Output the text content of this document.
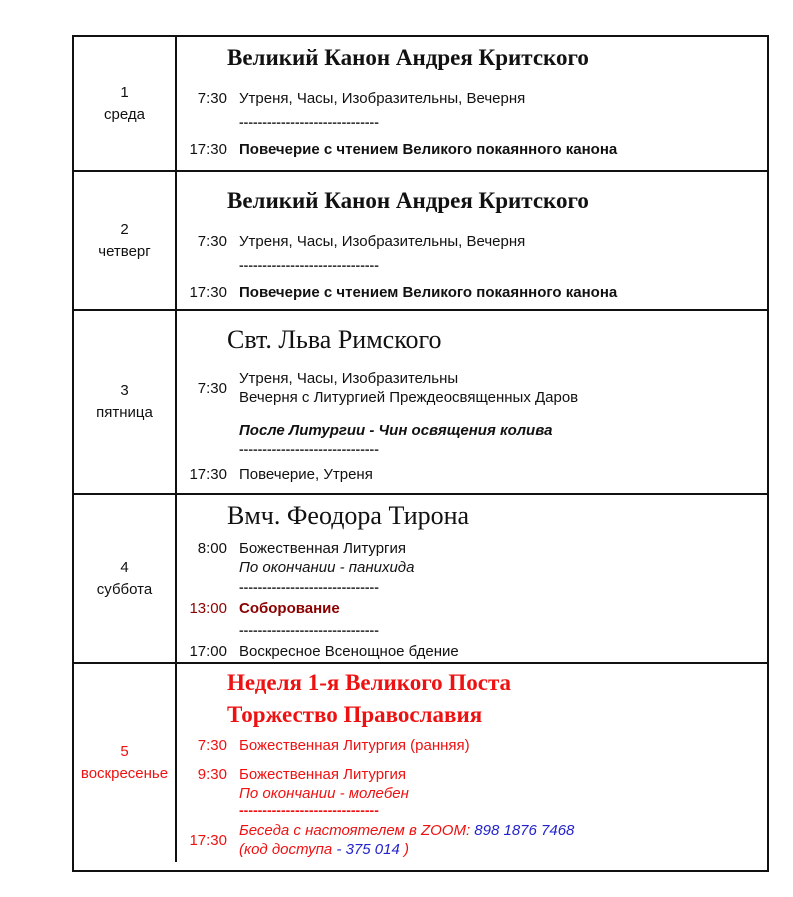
1
среда
Великий Канон Андрея Критского
7:30 Утреня, Часы, Изобразительны, Вечерня
------------------------------
17:30 Повечерие с чтением Великого покаянного канона
2
четверг
Великий Канон Андрея Критского
7:30 Утреня, Часы, Изобразительны, Вечерня
------------------------------
17:30 Повечерие с чтением Великого покаянного канона
3
пятница
Свт. Льва Римского
7:30
Утреня, Часы, Изобразительны
Вечерня с Литургией Преждеосвященных Даров
После Литургии - Чин освящения колива
------------------------------
17:30 Повечерие, Утреня
4
суббота
Вмч. Феодора Тирона
8:00 Божественная Литургия
По окончании - панихида
------------------------------
13:00 Соборование
------------------------------
17:00 Воскресное Всенощное бдение
5
воскресенье
Неделя 1-я Великого Поста
Торжество Православия
7:30 Божественная Литургия (ранняя)
9:30 Божественная Литургия
По окончании - молебен
------------------------------
17:30
Беседа с настоятелем в ZOOM: 898 1876 7468
(код доступа - 375 014 )
